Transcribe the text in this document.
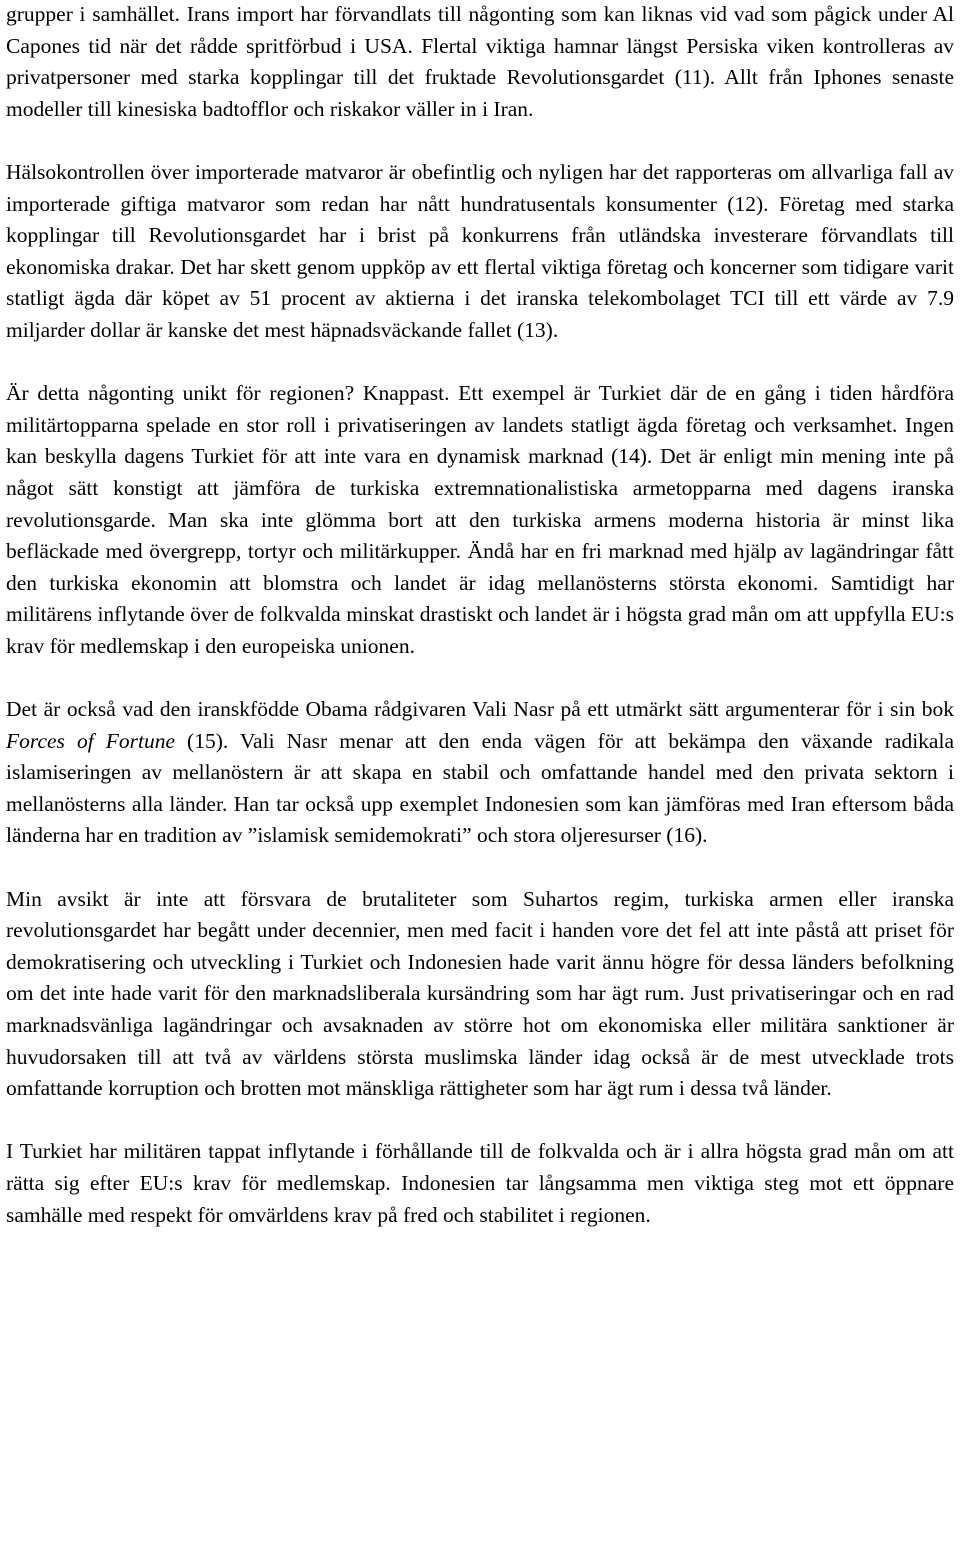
grupper i samhället. Irans import har förvandlats till någonting som kan liknas vid vad som pågick under Al Capones tid när det rådde spritförbud i USA. Flertal viktiga hamnar längst Persiska viken kontrolleras av privatpersoner med starka kopplingar till det fruktade Revolutionsgardet (11). Allt från Iphones senaste modeller till kinesiska badtofflor och riskakor väller in i Iran.

Hälsokontrollen över importerade matvaror är obefintlig och nyligen har det rapporteras om allvarliga fall av importerade giftiga matvaror som redan har nått hundratusentals konsumenter (12). Företag med starka kopplingar till Revolutionsgardet har i brist på konkurrens från utländska investerare förvandlats till ekonomiska drakar. Det har skett genom uppköp av ett flertal viktiga företag och koncerner som tidigare varit statligt ägda där köpet av 51 procent av aktierna i det iranska telekombolaget TCI till ett värde av 7.9 miljarder dollar är kanske det mest häpnadsväckande fallet (13).

Är detta någonting unikt för regionen? Knappast. Ett exempel är Turkiet där de en gång i tiden hårdföra militärtopparna spelade en stor roll i privatiseringen av landets statligt ägda företag och verksamhet. Ingen kan beskylla dagens Turkiet för att inte vara en dynamisk marknad (14). Det är enligt min mening inte på något sätt konstigt att jämföra de turkiska extremnationalistiska armetopparna med dagens iranska revolutionsgarde. Man ska inte glömma bort att den turkiska armens moderna historia är minst lika befläckade med övergrepp, tortyr och militärkupper. Ändå har en fri marknad med hjälp av lagändringar fått den turkiska ekonomin att blomstra och landet är idag mellanösterns största ekonomi. Samtidigt har militärens inflytande över de folkvalda minskat drastiskt och landet är i högsta grad mån om att uppfylla EU:s krav för medlemskap i den europeiska unionen.

Det är också vad den iranskfödde Obama rådgivaren Vali Nasr på ett utmärkt sätt argumenterar för i sin bok Forces of Fortune (15). Vali Nasr menar att den enda vägen för att bekämpa den växande radikala islamiseringen av mellanöstern är att skapa en stabil och omfattande handel med den privata sektorn i mellanösterns alla länder. Han tar också upp exemplet Indonesien som kan jämföras med Iran eftersom båda länderna har en tradition av ”islamisk semidemokrati” och stora oljeresurser (16).

Min avsikt är inte att försvara de brutaliteter som Suhartos regim, turkiska armen eller iranska revolutionsgardet har begått under decennier, men med facit i handen vore det fel att inte påstå att priset för demokratisering och utveckling i Turkiet och Indonesien hade varit ännu högre för dessa länders befolkning om det inte hade varit för den marknadsliberala kursändring som har ägt rum. Just privatiseringar och en rad marknadsvänliga lagändringar och avsaknaden av större hot om ekonomiska eller militära sanktioner är huvudorsaken till att två av världens största muslimska länder idag också är de mest utvecklade trots omfattande korruption och brotten mot mänskliga rättigheter som har ägt rum i dessa två länder.

I Turkiet har militären tappat inflytande i förhållande till de folkvalda och är i allra högsta grad mån om att rätta sig efter EU:s krav för medlemskap. Indonesien tar långsamma men viktiga steg mot ett öppnare samhälle med respekt för omvärldens krav på fred och stabilitet i regionen.
